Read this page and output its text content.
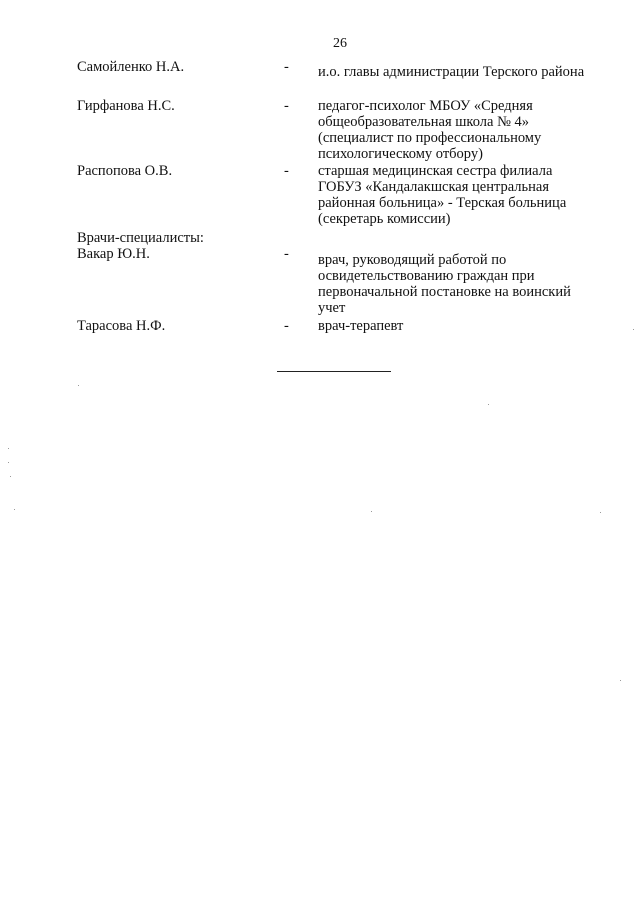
26
Самойленко Н.А.	- и.о. главы администрации Терского района
Гирфанова Н.С.	- педагог-психолог МБОУ «Средняя
общеобразовательная школа № 4»
(специалист по профессиональному
психологическому отбору)
Распопова О.В.	- старшая медицинская сестра филиала
ГОБУЗ «Кандалакшская центральная
районная больница» - Терская больница
(секретарь комиссии)
Врачи-специалисты:
Вакар Ю.Н.	- врач, руководящий работой по
освидетельствованию граждан при
первоначальной постановке на воинский
учет
Тарасова Н.Ф.	- врач-терапевт
